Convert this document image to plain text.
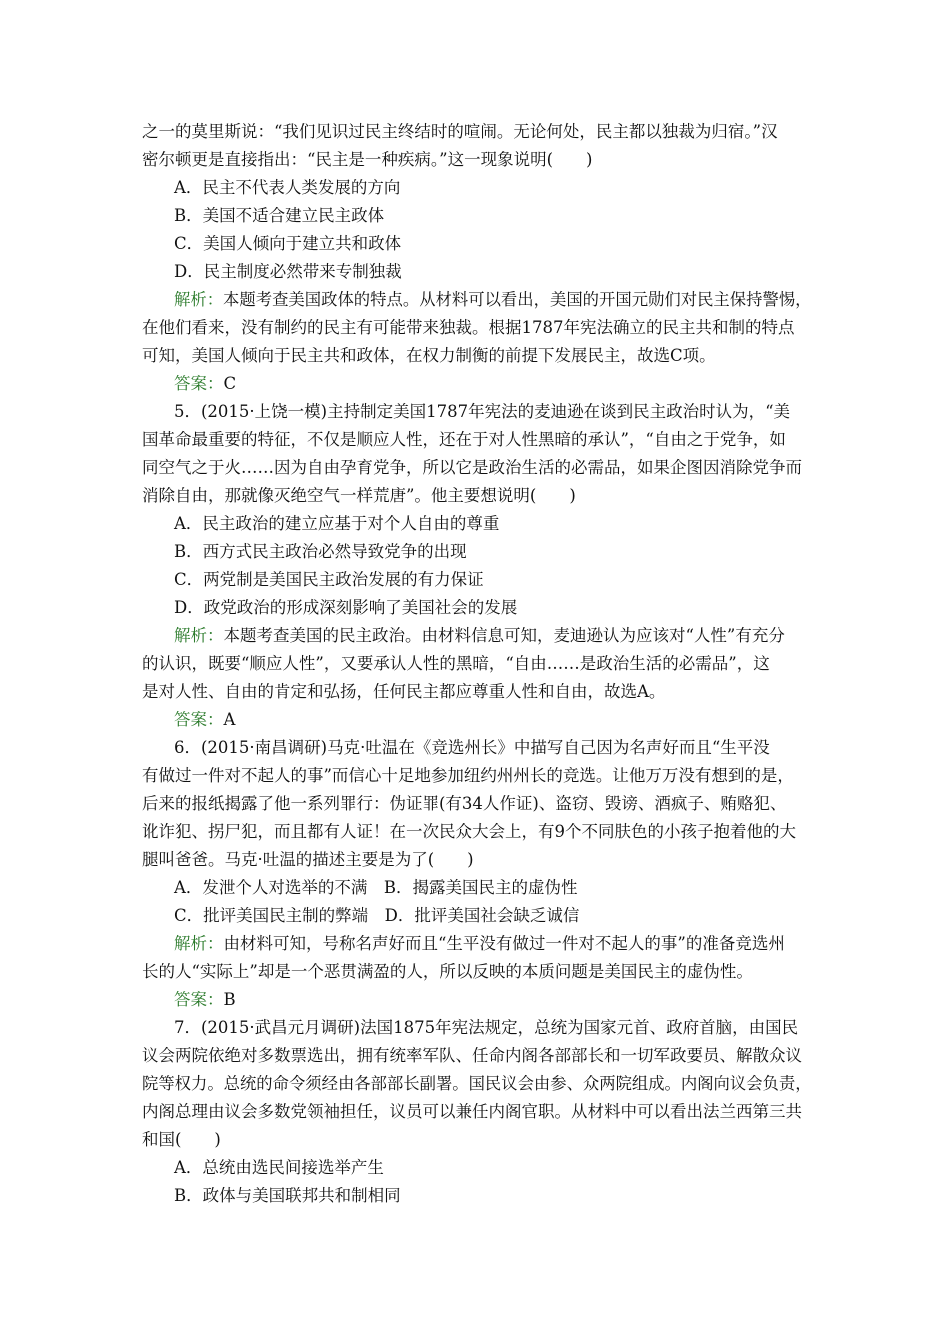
之一的莫里斯说：“我们见识过民主终结时的喧闹。无论何处，民主都以独裁为归宿。”汉
密尔顿更是直接指出：“民主是一种疾病。”这一现象说明(　　)
A．民主不代表人类发展的方向
B．美国不适合建立民主政体
C．美国人倾向于建立共和政体
D．民主制度必然带来专制独裁
解析：本题考查美国政体的特点。从材料可以看出，美国的开国元勋们对民主保持警惕，
在他们看来，没有制约的民主有可能带来独裁。根据1787年宪法确立的民主共和制的特点
可知，美国人倾向于民主共和政体，在权力制衡的前提下发展民主，故选C项。
答案：C
5．(2015·上饶一模)主持制定美国1787年宪法的麦迪逊在谈到民主政治时认为，“美
国革命最重要的特征，不仅是顺应人性，还在于对人性黑暗的承认”，“自由之于党争，如
同空气之于火……因为自由孕育党争，所以它是政治生活的必需品，如果企图因消除党争而
消除自由，那就像灭绝空气一样荒唐”。他主要想说明(　　)
A．民主政治的建立应基于对个人自由的尊重
B．西方式民主政治必然导致党争的出现
C．两党制是美国民主政治发展的有力保证
D．政党政治的形成深刻影响了美国社会的发展
解析：本题考查美国的民主政治。由材料信息可知，麦迪逊认为应该对“人性”有充分
的认识，既要“顺应人性”，又要承认人性的黑暗，“自由……是政治生活的必需品”，这
是对人性、自由的肯定和弘扬，任何民主都应尊重人性和自由，故选A。
答案：A
6．(2015·南昌调研)马克·吐温在《竞选州长》中描写自己因为名声好而且“生平没
有做过一件对不起人的事”而信心十足地参加纽约州州长的竞选。让他万万没有想到的是，
后来的报纸揭露了他一系列罪行：伪证罪(有34人作证)、盗窃、毁谤、酒疯子、贿赂犯、
讹诈犯、拐尸犯，而且都有人证！在一次民众大会上，有9个不同肤色的小孩子抱着他的大
腿叫爸爸。马克·吐温的描述主要是为了(　　)
A．发泄个人对选举的不满　B．揭露美国民主的虚伪性
C．批评美国民主制的弊端　D．批评美国社会缺乏诚信
解析：由材料可知，号称名声好而且“生平没有做过一件对不起人的事”的准备竞选州
长的人“实际上”却是一个恶贯满盈的人，所以反映的本质问题是美国民主的虚伪性。
答案：B
7．(2015·武昌元月调研)法国1875年宪法规定，总统为国家元首、政府首脑，由国民
议会两院依绝对多数票选出，拥有统率军队、任命内阁各部部长和一切军政要员、解散众议
院等权力。总统的命令须经由各部部长副署。国民议会由参、众两院组成。内阁向议会负责，
内阁总理由议会多数党领袖担任，议员可以兼任内阁官职。从材料中可以看出法兰西第三共
和国(　　)
A．总统由选民间接选举产生
B．政体与美国联邦共和制相同
